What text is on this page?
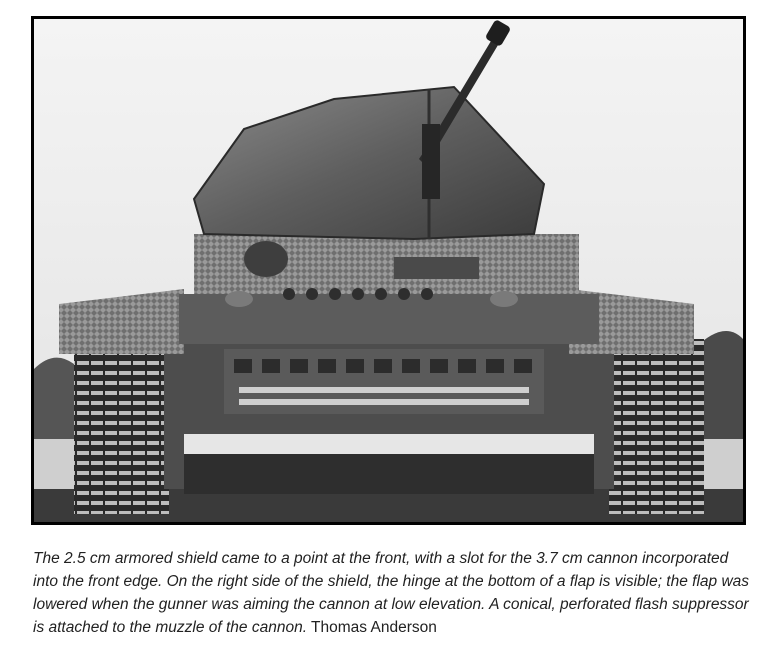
The 2.5 cm armored shield came to a point at the front, with a slot for the 3.7 cm cannon incorporated into the front edge. On the right side of the shield, the hinge at the bottom of a flap is visible; the flap was lowered when the gunner was aiming the cannon at low elevation. A conical, perforated flash suppressor is attached to the muzzle of the cannon. Thomas Anderson
